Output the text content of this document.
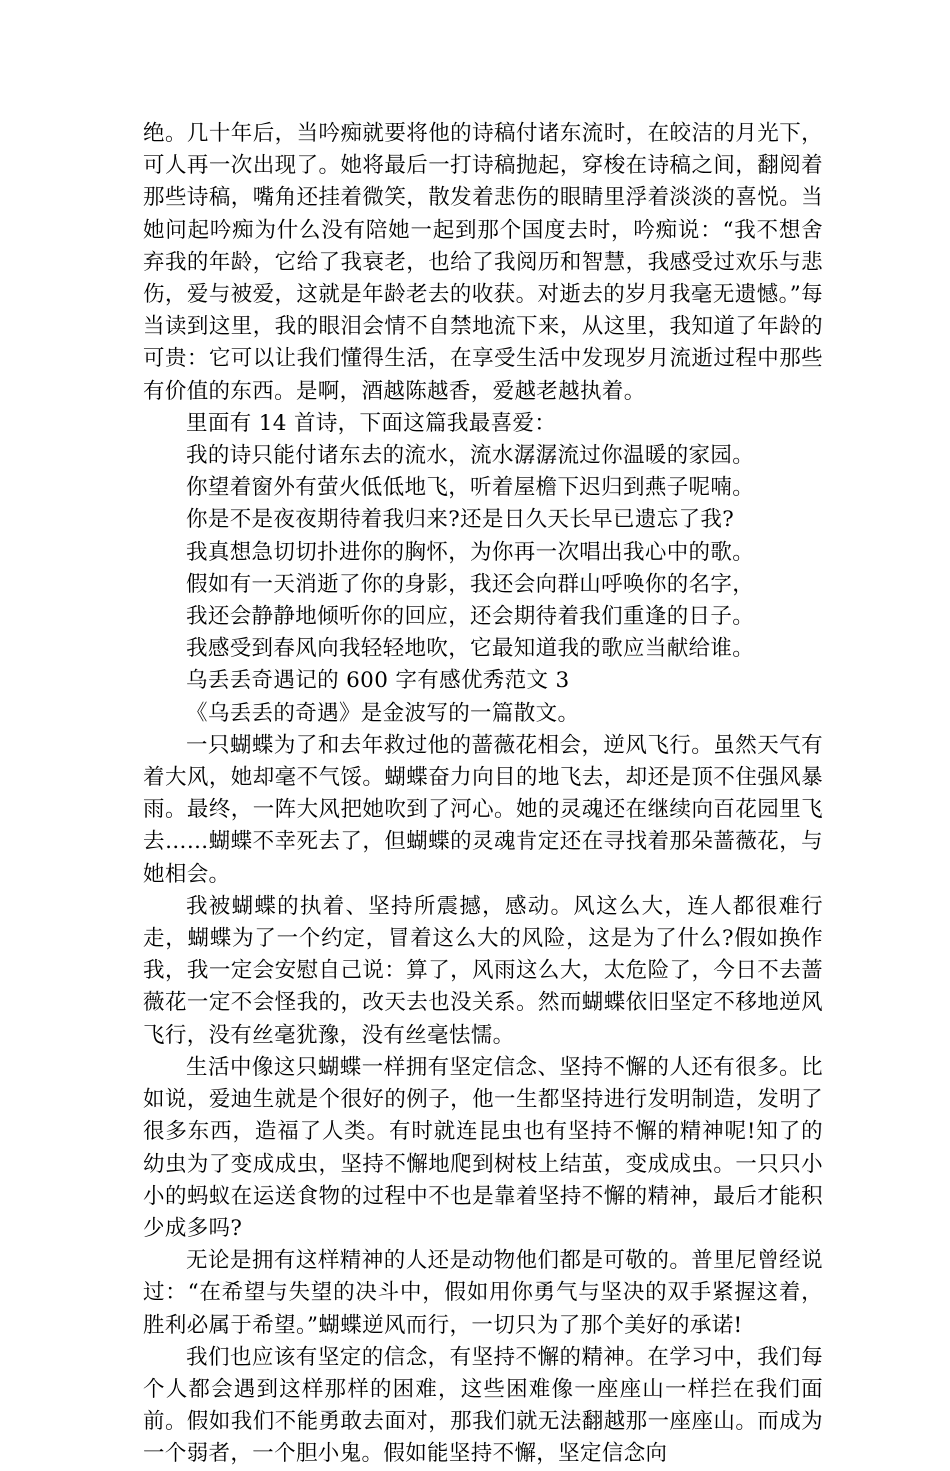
绝。几十年后，当吟痴就要将他的诗稿付诸东流时，在皎洁的月光下，可人再一次出现了。她将最后一打诗稿抛起，穿梭在诗稿之间，翻阅着那些诗稿，嘴角还挂着微笑，散发着悲伤的眼睛里浮着淡淡的喜悦。当她问起吟痴为什么没有陪她一起到那个国度去时，吟痴说：“我不想舍弃我的年龄，它给了我衰老，也给了我阅历和智慧，我感受过欢乐与悲伤，爱与被爱，这就是年龄老去的收获。对逝去的岁月我毫无遗憾。”每当读到这里，我的眼泪会情不自禁地流下来，从这里，我知道了年龄的可贵：它可以让我们懂得生活，在享受生活中发现岁月流逝过程中那些有价值的东西。是啊，酒越陈越香，爱越老越执着。

里面有 14 首诗，下面这篇我最喜爱：

我的诗只能付诸东去的流水，流水潺潺流过你温暖的家园。

你望着窗外有萤火低低地飞，听着屋檐下迟归到燕子呢喃。

你是不是夜夜期待着我归来?还是日久天长早已遗忘了我?

我真想急切切扑进你的胸怀，为你再一次唱出我心中的歌。

假如有一天消逝了你的身影，我还会向群山呼唤你的名字，

我还会静静地倾听你的回应，还会期待着我们重逢的日子。

我感受到春风向我轻轻地吹，它最知道我的歌应当献给谁。

乌丢丢奇遇记的 600 字有感优秀范文 3

《乌丢丢的奇遇》是金波写的一篇散文。

一只蝴蝶为了和去年救过他的蔷薇花相会，逆风飞行。虽然天气有着大风，她却毫不气馁。蝴蝶奋力向目的地飞去，却还是顶不住强风暴雨。最终，一阵大风把她吹到了河心。她的灵魂还在继续向百花园里飞去……蝴蝶不幸死去了，但蝴蝶的灵魂肯定还在寻找着那朵蔷薇花，与她相会。

我被蝴蝶的执着、坚持所震撼，感动。风这么大，连人都很难行走，蝴蝶为了一个约定，冒着这么大的风险，这是为了什么?假如换作我，我一定会安慰自己说：算了，风雨这么大，太危险了，今日不去蔷薇花一定不会怪我的，改天去也没关系。然而蝴蝶依旧坚定不移地逆风飞行，没有丝毫犹豫，没有丝毫怯懦。

生活中像这只蝴蝶一样拥有坚定信念、坚持不懈的人还有很多。比如说，爱迪生就是个很好的例子，他一生都坚持进行发明制造，发明了很多东西，造福了人类。有时就连昆虫也有坚持不懈的精神呢!知了的幼虫为了变成成虫，坚持不懈地爬到树枝上结茧，变成成虫。一只只小小的蚂蚁在运送食物的过程中不也是靠着坚持不懈的精神，最后才能积少成多吗?

无论是拥有这样精神的人还是动物他们都是可敬的。普里尼曾经说过：“在希望与失望的决斗中，假如用你勇气与坚决的双手紧握这着，胜利必属于希望。”蝴蝶逆风而行，一切只为了那个美好的承诺!

我们也应该有坚定的信念，有坚持不懈的精神。在学习中，我们每个人都会遇到这样那样的困难，这些困难像一座座山一样拦在我们面前。假如我们不能勇敢去面对，那我们就无法翻越那一座座山。而成为一个弱者，一个胆小鬼。假如能坚持不懈，坚定信念向
